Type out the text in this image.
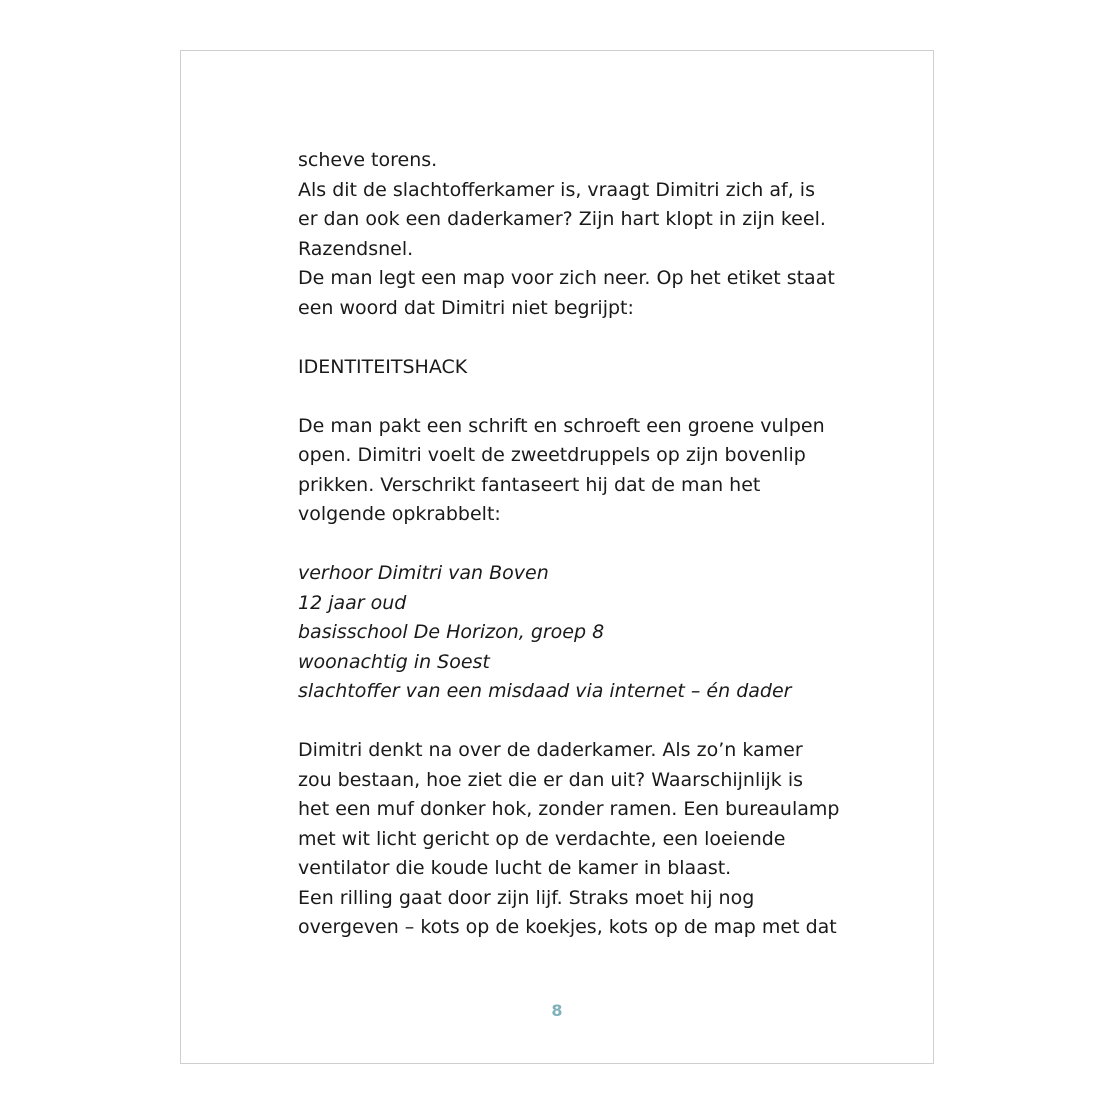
scheve torens.
Als dit de slachtofferkamer is, vraagt Dimitri zich af, is
er dan ook een daderkamer? Zijn hart klopt in zijn keel.
Razendsnel.
De man legt een map voor zich neer. Op het etiket staat
een woord dat Dimitri niet begrijpt:
IDENTITEITSHACK
De man pakt een schrift en schroeft een groene vulpen
open. Dimitri voelt de zweetdruppels op zijn bovenlip
prikken. Verschrikt fantaseert hij dat de man het
volgende opkrabbelt:
verhoor Dimitri van Boven
12 jaar oud
basisschool De Horizon, groep 8
woonachtig in Soest
slachtoffer van een misdaad via internet – én dader
Dimitri denkt na over de daderkamer. Als zo’n kamer
zou bestaan, hoe ziet die er dan uit? Waarschijnlijk is
het een muf donker hok, zonder ramen. Een bureaulamp
met wit licht gericht op de verdachte, een loeiende
ventilator die koude lucht de kamer in blaast.
Een rilling gaat door zijn lijf. Straks moet hij nog
overgeven – kots op de koekjes, kots op de map met dat
8
